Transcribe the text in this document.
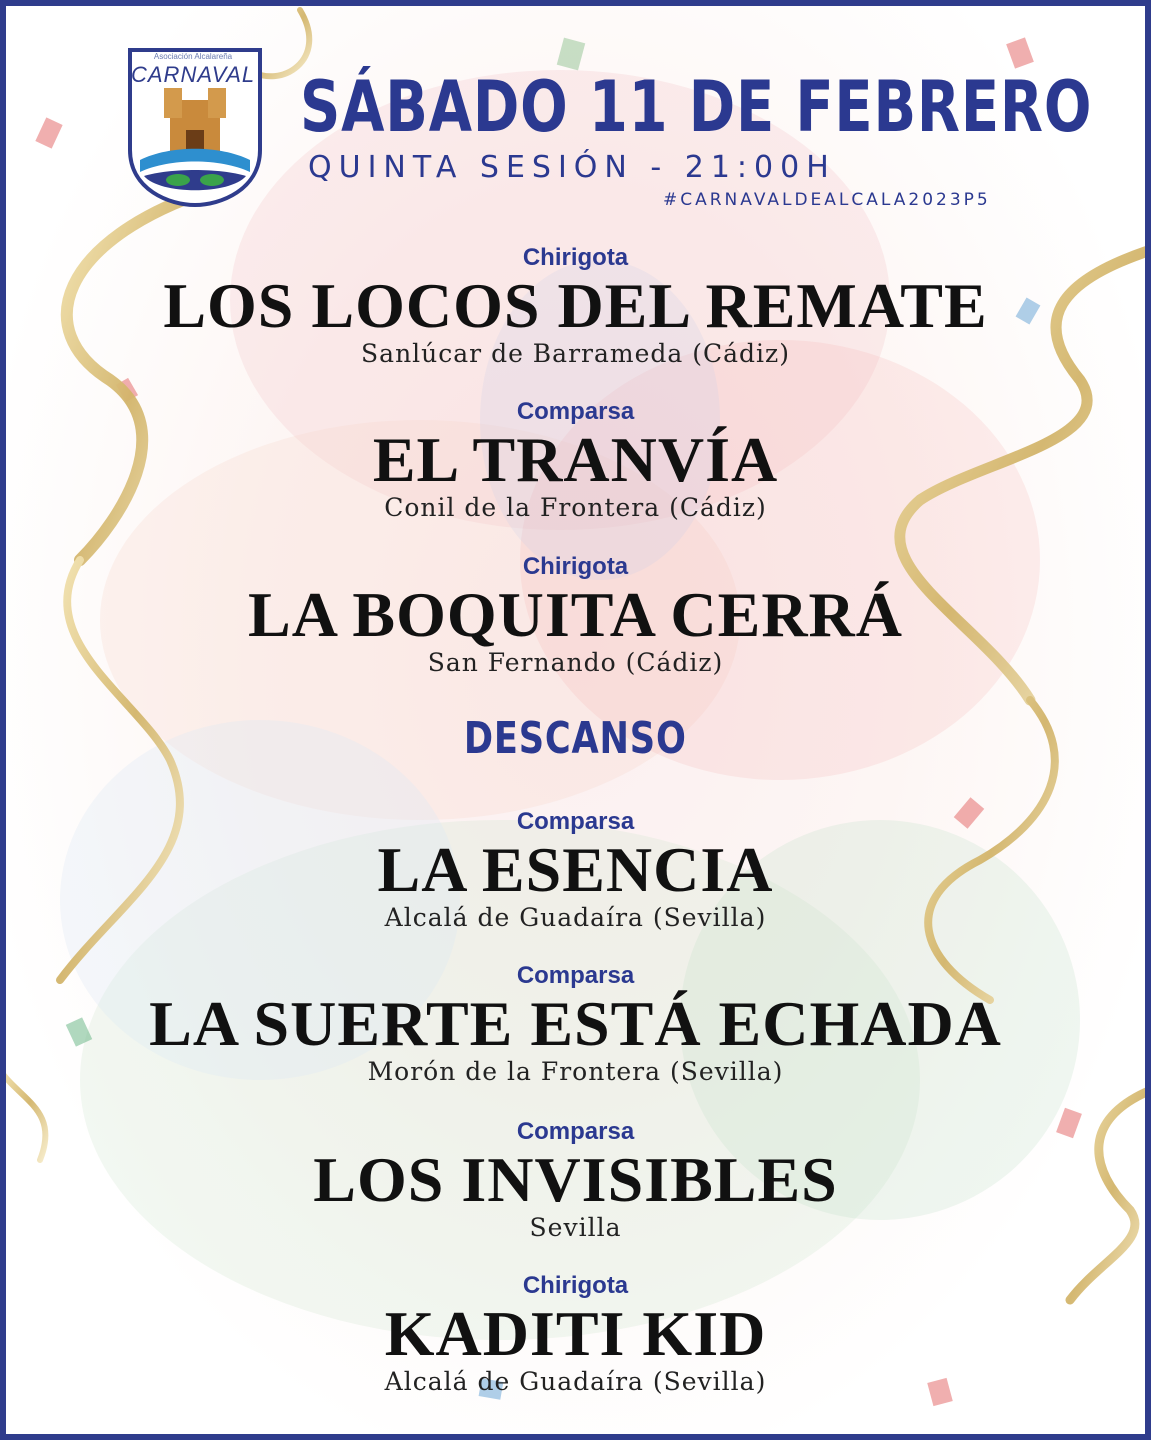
Asociación Alcalareña
CARNAVAL SÁBADO 11 DE FEBRERO
QUINTA SESIÓN - 21:00H
#CARNAVALDEALCALA2023P5
Chirigota
LOS LOCOS DEL REMATE
Sanlúcar de Barrameda (Cádiz)
Comparsa
EL TRANVÍA
Conil de la Frontera (Cádiz)
Chirigota
LA BOQUITA CERRÁ
San Fernando (Cádiz)
DESCANSO
Comparsa
LA ESENCIA
Alcalá de Guadaíra (Sevilla)
Comparsa
LA SUERTE ESTÁ ECHADA
Morón de la Frontera (Sevilla)
Comparsa
LOS INVISIBLES
Sevilla
Chirigota
KADITI KID
Alcalá de Guadaíra (Sevilla)
